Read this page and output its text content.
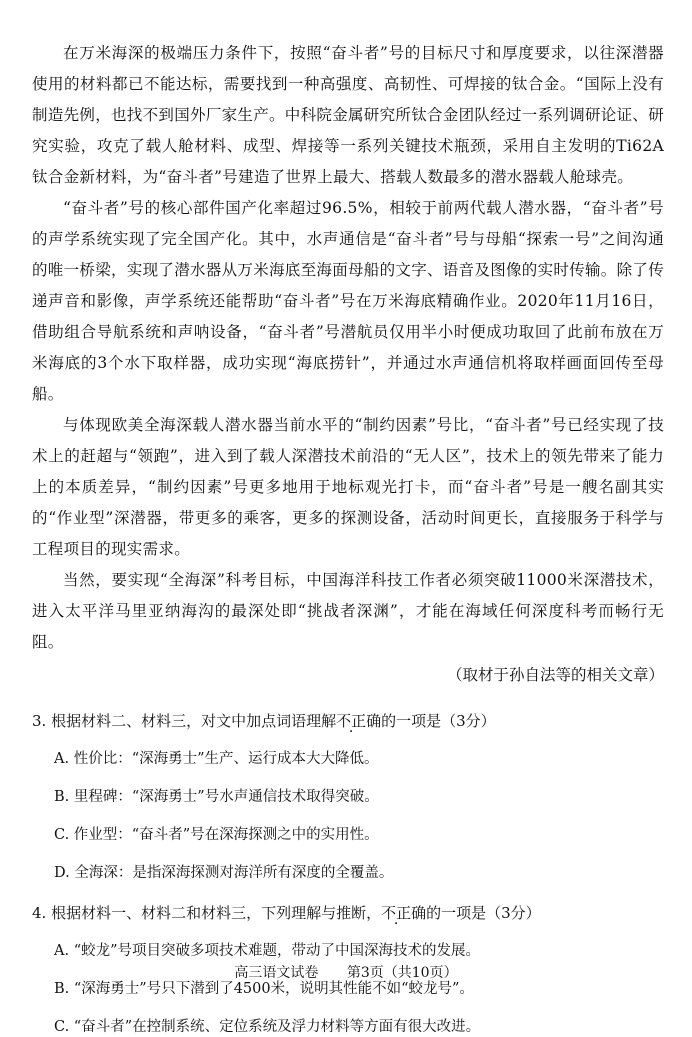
在万米海深的极端压力条件下，按照“奋斗者”号的目标尺寸和厚度要求，以往深潜器使用的材料都已不能达标，需要找到一种高强度、高韧性、可焊接的钛合金。“国际上没有制造先例，也找不到国外厂家生产。中科院金属研究所钛合金团队经过一系列调研论证、研究实验，攻克了载人舱材料、成型、焊接等一系列关键技术瓶颈，采用自主发明的Ti62A钛合金新材料，为“奋斗者”号建造了世界上最大、搭载人数最多的潜水器载人舱球壳。

“奋斗者”号的核心部件国产化率超过96.5%，相较于前两代载人潜水器，“奋斗者”号的声学系统实现了完全国产化。其中，水声通信是“奋斗者”号与母船“探索一号”之间沟通的唯一桥梁，实现了潜水器从万米海底至海面母船的文字、语音及图像的实时传输。除了传递声音和影像，声学系统还能帮助“奋斗者”号在万米海底精确作业。2020年11月16日，借助组合导航系统和声呐设备，“奋斗者”号潜航员仅用半小时便成功取回了此前布放在万米海底的3个水下取样器，成功实现“海底捞针”，并通过水声通信机将取样画面回传至母船。

与体现欧美全海深载人潜水器当前水平的“制约因素”号比，“奋斗者”号已经实现了技术上的赶超与“领跑”，进入到了载人深潜技术前沿的“无人区”，技术上的领先带来了能力上的本质差异，“制约因素”号更多地用于地标观光打卡，而“奋斗者”号是一艘名副其实的“作业型”深潜器，带更多的乘客，更多的探测设备，活动时间更长，直接服务于科学与工程项目的现实需求。

当然，要实现“全海深”科考目标，中国海洋科技工作者必须突破11000米深潜技术，进入太平洋马里亚纳海沟的最深处即“挑战者深渊”，才能在海域任何深度科考而畅行无阻。

（取材于孙自法等的相关文章）

3. 根据材料二、材料三，对文中加点词语理解不正确的一项是（3分）

A. 性价比：“深海勇士”生产、运行成本大大降低。

B. 里程碑：“深海勇士”号水声通信技术取得突破。

C. 作业型：“奋斗者”号在深海探测之中的实用性。

D. 全海深：是指深海探测对海洋所有深度的全覆盖。

4. 根据材料一、材料二和材料三，下列理解与推断，不正确的一项是（3分）

A. “蛟龙”号项目突破多项技术难题，带动了中国深海技术的发展。

B. “深海勇士”号只下潜到了4500米，说明其性能不如“蛟龙号”。

C. “奋斗者”在控制系统、定位系统及浮力材料等方面有很大改进。

高三语文试卷 第3页（共10页）
